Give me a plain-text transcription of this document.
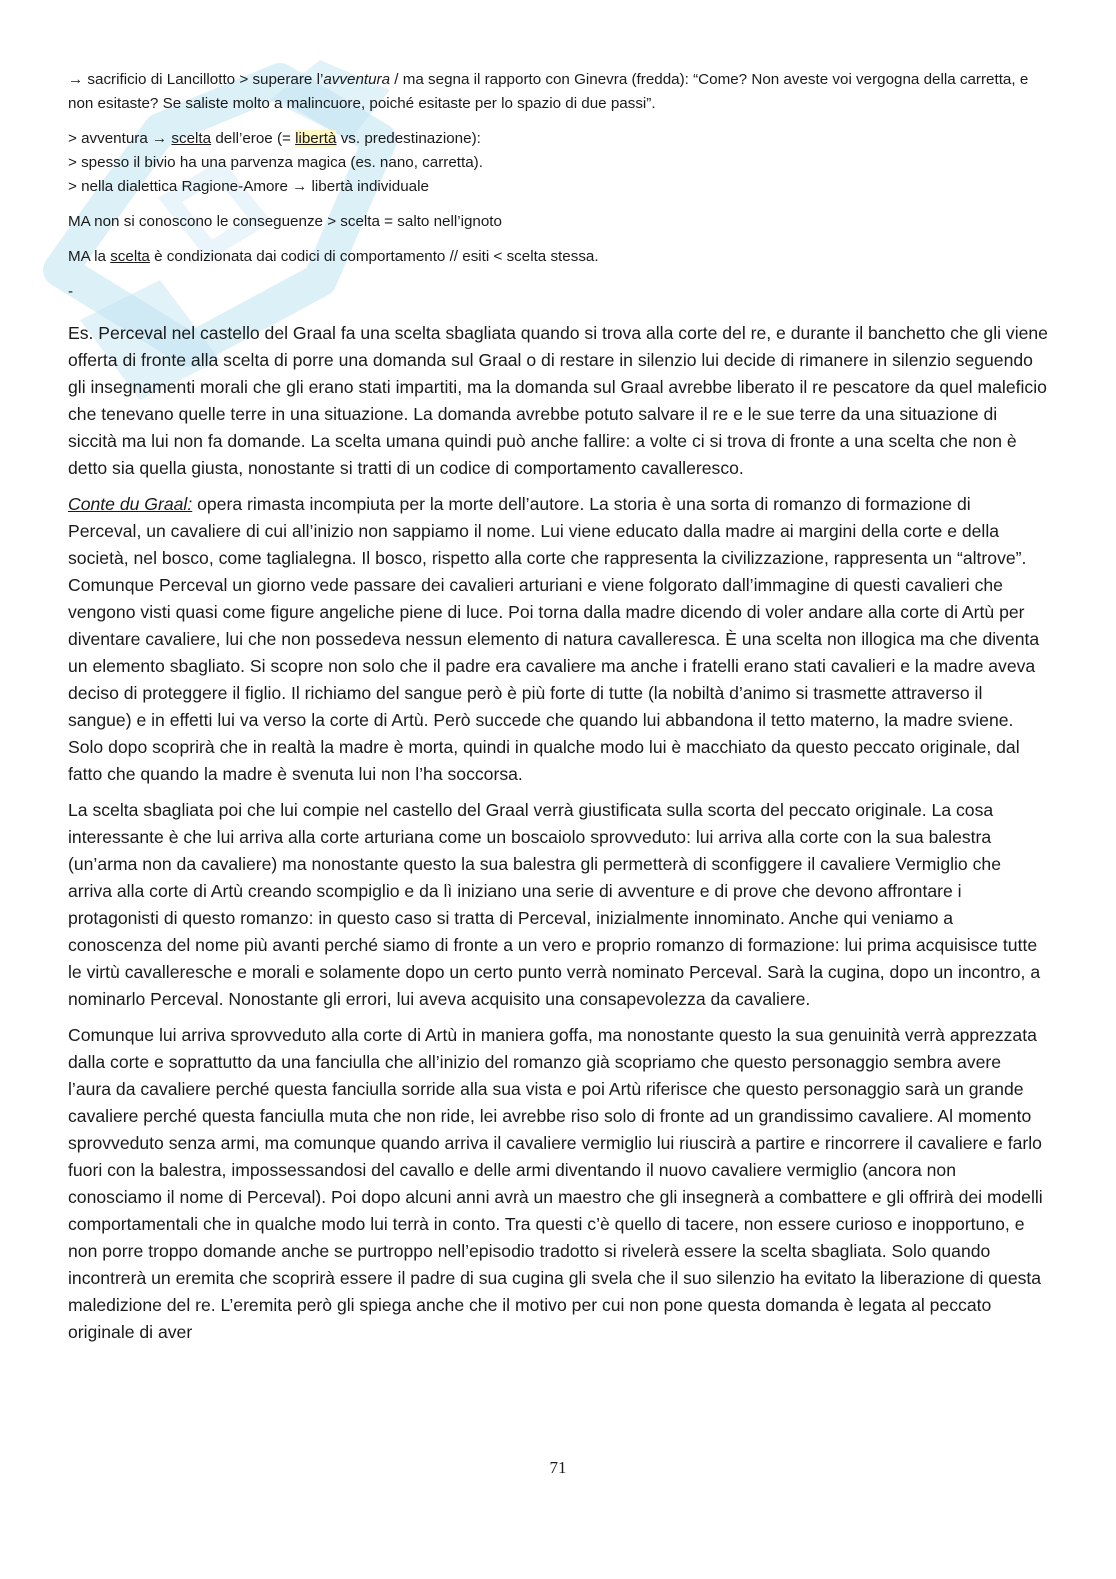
→ sacrificio di Lancillotto > superare l’avventura / ma segna il rapporto con Ginevra (fredda): “Come? Non aveste voi vergogna della carretta, e non esitaste? Se saliste molto a malincuore, poiché esitaste per lo spazio di due passi”.

> avventura → scelta dell’eroe (= libertà vs. predestinazione):

> spesso il bivio ha una parvenza magica (es. nano, carretta).

> nella dialettica Ragione-Amore → libertà individuale

MA non si conoscono le conseguenze > scelta = salto nell’ignoto

MA la scelta è condizionata dai codici di comportamento // esiti < scelta stessa.

-

Es. Perceval nel castello del Graal fa una scelta sbagliata quando si trova alla corte del re, e durante il banchetto che gli viene offerta di fronte alla scelta di porre una domanda sul Graal o di restare in silenzio lui decide di rimanere in silenzio seguendo gli insegnamenti morali che gli erano stati impartiti, ma la domanda sul Graal avrebbe liberato il re pescatore da quel maleficio che tenevano quelle terre in una situazione. La domanda avrebbe potuto salvare il re e le sue terre da una situazione di siccità ma lui non fa domande. La scelta umana quindi può anche fallire: a volte ci si trova di fronte a una scelta che non è detto sia quella giusta, nonostante si tratti di un codice di comportamento cavalleresco.

Conte du Graal: opera rimasta incompiuta per la morte dell’autore. La storia è una sorta di romanzo di formazione di Perceval, un cavaliere di cui all’inizio non sappiamo il nome. Lui viene educato dalla madre ai margini della corte e della società, nel bosco, come taglialegna. Il bosco, rispetto alla corte che rappresenta la civilizzazione, rappresenta un “altrove”. Comunque Perceval un giorno vede passare dei cavalieri arturiani e viene folgorato dall’immagine di questi cavalieri che vengono visti quasi come figure angeliche piene di luce. Poi torna dalla madre dicendo di voler andare alla corte di Artù per diventare cavaliere, lui che non possedeva nessun elemento di natura cavalleresca. È una scelta non illogica ma che diventa un elemento sbagliato. Si scopre non solo che il padre era cavaliere ma anche i fratelli erano stati cavalieri e la madre aveva deciso di proteggere il figlio. Il richiamo del sangue però è più forte di tutte (la nobiltà d’animo si trasmette attraverso il sangue) e in effetti lui va verso la corte di Artù. Però succede che quando lui abbandona il tetto materno, la madre sviene. Solo dopo scoprirà che in realtà la madre è morta, quindi in qualche modo lui è macchiato da questo peccato originale, dal fatto che quando la madre è svenuta lui non l’ha soccorsa.

La scelta sbagliata poi che lui compie nel castello del Graal verrà giustificata sulla scorta del peccato originale. La cosa interessante è che lui arriva alla corte arturiana come un boscaiolo sprovveduto: lui arriva alla corte con la sua balestra (un’arma non da cavaliere) ma nonostante questo la sua balestra gli permetterà di sconfiggere il cavaliere Vermiglio che arriva alla corte di Artù creando scompiglio e da lì iniziano una serie di avventure e di prove che devono affrontare i protagonisti di questo romanzo: in questo caso si tratta di Perceval, inizialmente innominato. Anche qui veniamo a conoscenza del nome più avanti perché siamo di fronte a un vero e proprio romanzo di formazione: lui prima acquisisce tutte le virtù cavalleresche e morali e solamente dopo un certo punto verrà nominato Perceval. Sarà la cugina, dopo un incontro, a nominarlo Perceval. Nonostante gli errori, lui aveva acquisito una consapevolezza da cavaliere.

Comunque lui arriva sprovveduto alla corte di Artù in maniera goffa, ma nonostante questo la sua genuinità verrà apprezzata dalla corte e soprattutto da una fanciulla che all’inizio del romanzo già scopriamo che questo personaggio sembra avere l’aura da cavaliere perché questa fanciulla sorride alla sua vista e poi Artù riferisce che questo personaggio sarà un grande cavaliere perché questa fanciulla muta che non ride, lei avrebbe riso solo di fronte ad un grandissimo cavaliere. Al momento sprovveduto senza armi, ma comunque quando arriva il cavaliere vermiglio lui riuscirà a partire e rincorrere il cavaliere e farlo fuori con la balestra, impossessandosi del cavallo e delle armi diventando il nuovo cavaliere vermiglio (ancora non conosciamo il nome di Perceval). Poi dopo alcuni anni avrà un maestro che gli insegnerà a combattere e gli offrirà dei modelli comportamentali che in qualche modo lui terrà in conto. Tra questi c’è quello di tacere, non essere curioso e inopportuno, e non porre troppo domande anche se purtroppo nell’episodio tradotto si rivelerà essere la scelta sbagliata. Solo quando incontrerà un eremita che scoprirà essere il padre di sua cugina gli svela che il suo silenzio ha evitato la liberazione di questa maledizione del re. L’eremita però gli spiega anche che il motivo per cui non pone questa domanda è legata al peccato originale di aver

71
